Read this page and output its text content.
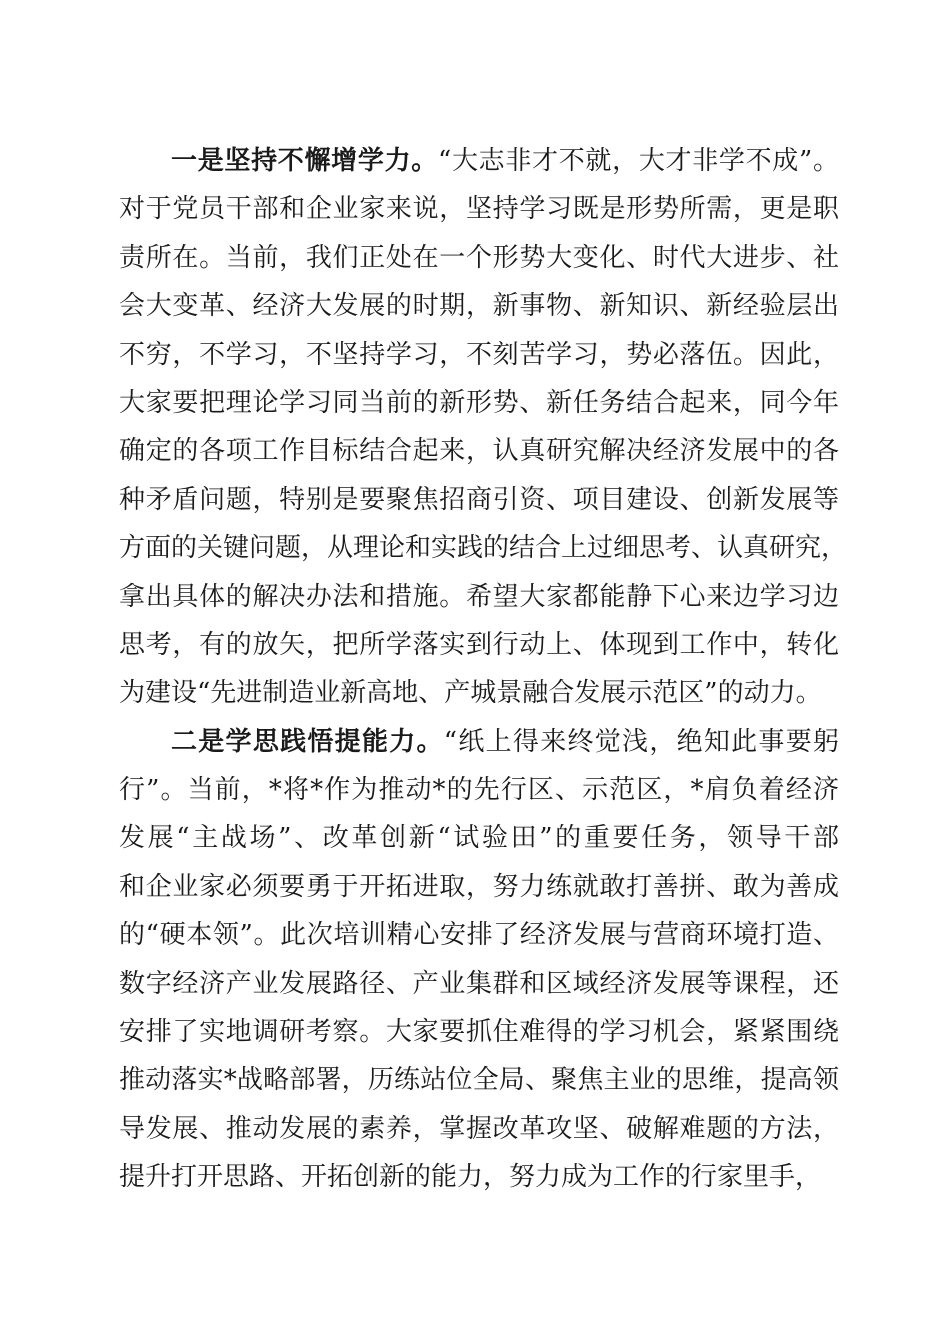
一是坚持不懈增学力。“大志非才不就，大才非学不成”。
对于党员干部和企业家来说，坚持学习既是形势所需，更是职
责所在。当前，我们正处在一个形势大变化、时代大进步、社
会大变革、经济大发展的时期，新事物、新知识、新经验层出
不穷，不学习，不坚持学习，不刻苦学习，势必落伍。因此，
大家要把理论学习同当前的新形势、新任务结合起来，同今年
确定的各项工作目标结合起来，认真研究解决经济发展中的各
种矛盾问题，特别是要聚焦招商引资、项目建设、创新发展等
方面的关键问题，从理论和实践的结合上过细思考、认真研究，
拿出具体的解决办法和措施。希望大家都能静下心来边学习边
思考，有的放矢，把所学落实到行动上、体现到工作中，转化
为建设“先进制造业新高地、产城景融合发展示范区”的动力。
二是学思践悟提能力。“纸上得来终觉浅，绝知此事要躬
行”。当前，*将*作为推动*的先行区、示范区，*肩负着经济
发展“主战场”、改革创新“试验田”的重要任务，领导干部
和企业家必须要勇于开拓进取，努力练就敢打善拼、敢为善成
的“硬本领”。此次培训精心安排了经济发展与营商环境打造、
数字经济产业发展路径、产业集群和区域经济发展等课程，还
安排了实地调研考察。大家要抓住难得的学习机会，紧紧围绕
推动落实*战略部署，历练站位全局、聚焦主业的思维，提高领
导发展、推动发展的素养，掌握改革攻坚、破解难题的方法，
提升打开思路、开拓创新的能力，努力成为工作的行家里手，
